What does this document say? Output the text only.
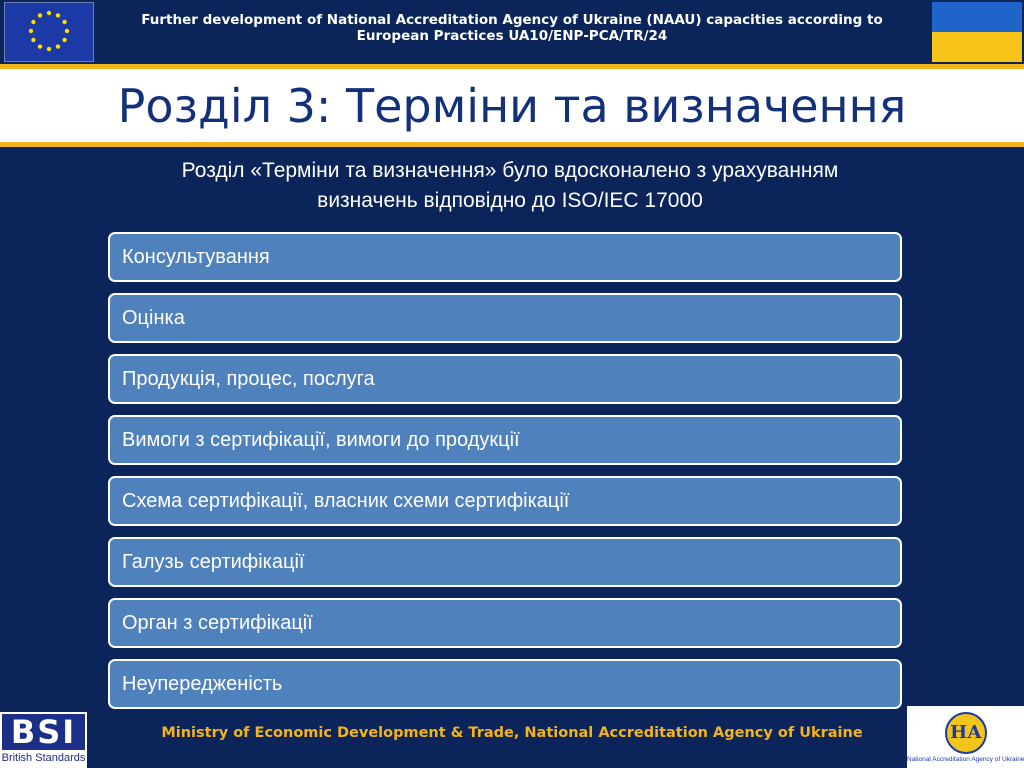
Further development of National Accreditation Agency of Ukraine (NAAU) capacities according to
European Practices UA10/ENP-PCA/TR/24
Розділ 3: Терміни та визначення
Розділ «Терміни та визначення» було вдосконалено з урахуванням
визначень відповідно до ISO/IEC 17000
Консультування
Оцінка
Продукція, процес, послуга
Вимоги з сертифікації, вимоги до продукції
Схема сертифікації, власник схеми сертифікації
Галузь сертифікації
Орган з сертифікації
Неупередженість
BSI
British Standards
Ministry of Economic Development & Trade, National Accreditation Agency of Ukraine	НА
National Accreditation Agency of Ukraine
